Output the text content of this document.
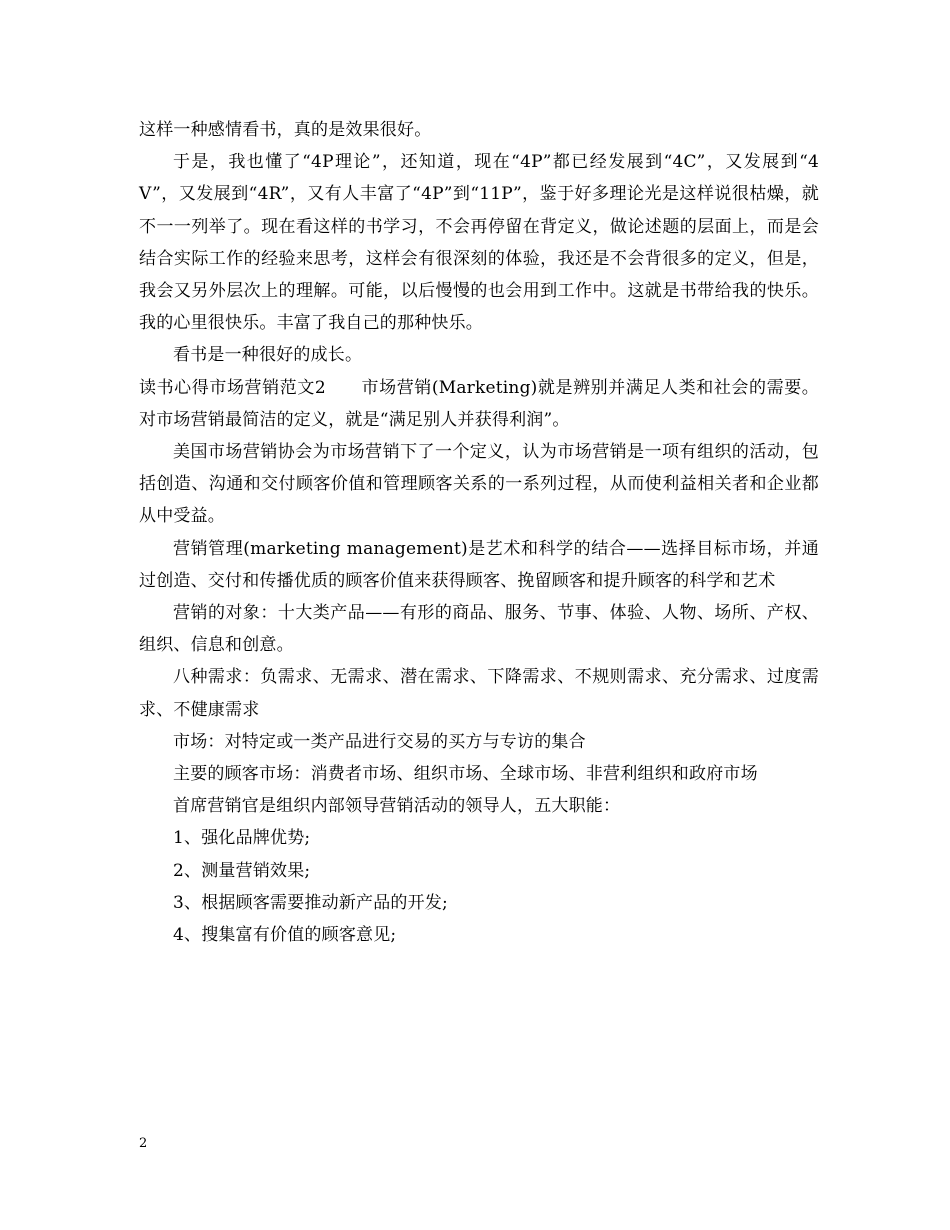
这样一种感情看书，真的是效果很好。

于是，我也懂了“4P理论”，还知道，现在“4P”都已经发展到“4C”，又发展到“4V”，又发展到“4R”，又有人丰富了“4P”到“11P”，鉴于好多理论光是这样说很枯燥，就不一一列举了。现在看这样的书学习，不会再停留在背定义，做论述题的层面上，而是会结合实际工作的经验来思考，这样会有很深刻的体验，我还是不会背很多的定义，但是，我会又另外层次上的理解。可能，以后慢慢的也会用到工作中。这就是书带给我的快乐。我的心里很快乐。丰富了我自己的那种快乐。

看书是一种很好的成长。

读书心得市场营销范文2　　市场营销(Marketing)就是辨别并满足人类和社会的需要。对市场营销最简洁的定义，就是“满足别人并获得利润”。

美国市场营销协会为市场营销下了一个定义，认为市场营销是一项有组织的活动，包括创造、沟通和交付顾客价值和管理顾客关系的一系列过程，从而使利益相关者和企业都从中受益。

营销管理(marketing management)是艺术和科学的结合——选择目标市场，并通过创造、交付和传播优质的顾客价值来获得顾客、挽留顾客和提升顾客的科学和艺术

营销的对象：十大类产品——有形的商品、服务、节事、体验、人物、场所、产权、组织、信息和创意。

八种需求：负需求、无需求、潜在需求、下降需求、不规则需求、充分需求、过度需求、不健康需求

市场：对特定或一类产品进行交易的买方与专访的集合

主要的顾客市场：消费者市场、组织市场、全球市场、非营利组织和政府市场

首席营销官是组织内部领导营销活动的领导人，五大职能：

1、强化品牌优势;

2、测量营销效果;

3、根据顾客需要推动新产品的开发;

4、搜集富有价值的顾客意见;

2
